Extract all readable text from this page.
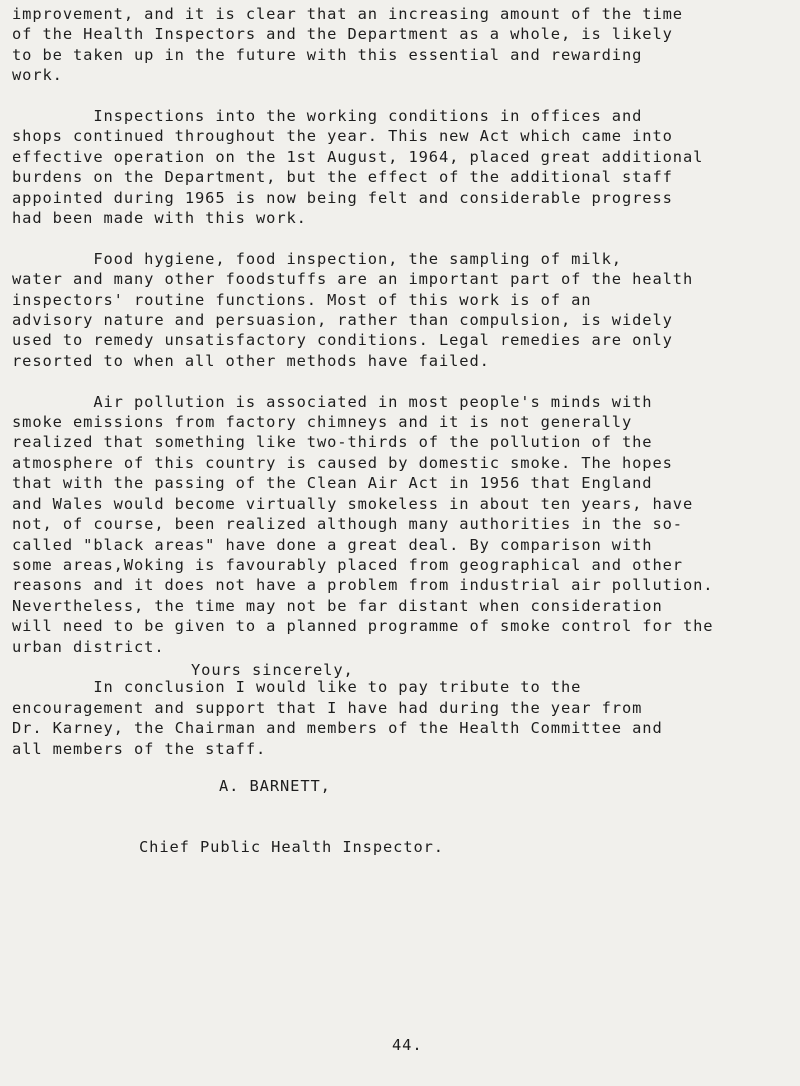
improvement, and it is clear that an increasing amount of the time
of the Health Inspectors and the Department as a whole, is likely
to be taken up in the future with this essential and rewarding
work.
Inspections into the working conditions in offices and
shops continued throughout the year. This new Act which came into
effective operation on the 1st August, 1964, placed great additional
burdens on the Department, but the effect of the additional staff
appointed during 1965 is now being felt and considerable progress
had been made with this work.
Food hygiene, food inspection, the sampling of milk,
water and many other foodstuffs are an important part of the health
inspectors' routine functions. Most of this work is of an
advisory nature and persuasion, rather than compulsion, is widely
used to remedy unsatisfactory conditions. Legal remedies are only
resorted to when all other methods have failed.
Air pollution is associated in most people's minds with
smoke emissions from factory chimneys and it is not generally
realized that something like two-thirds of the pollution of the
atmosphere of this country is caused by domestic smoke. The hopes
that with the passing of the Clean Air Act in 1956 that England
and Wales would become virtually smokeless in about ten years, have
not, of course, been realized although many authorities in the so-
called "black areas" have done a great deal. By comparison with
some areas,Woking is favourably placed from geographical and other
reasons and it does not have a problem from industrial air pollution.
Nevertheless, the time may not be far distant when consideration
will need to be given to a planned programme of smoke control for the
urban district.
In conclusion I would like to pay tribute to the
encouragement and support that I have had during the year from
Dr. Karney, the Chairman and members of the Health Committee and
all members of the staff.
Yours sincerely,

A. BARNETT,

Chief Public Health Inspector.

44.
